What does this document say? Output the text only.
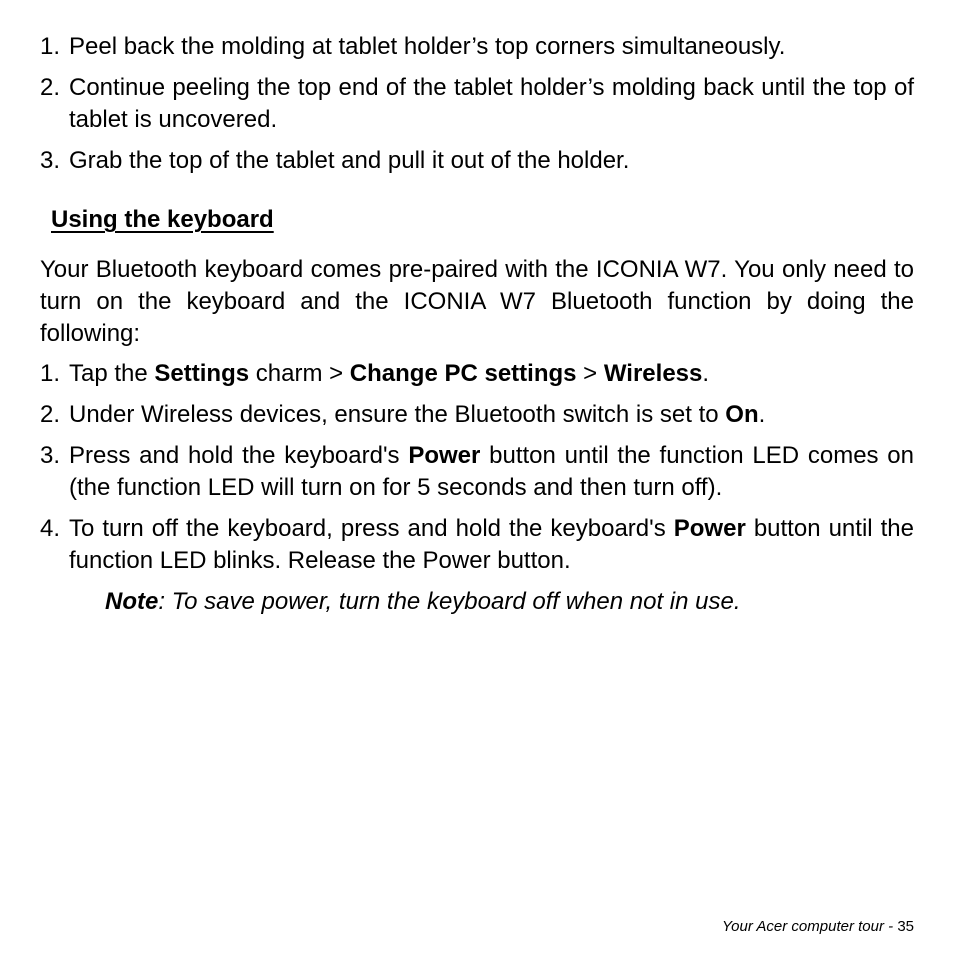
1. Peel back the molding at tablet holder’s top corners simultaneously.
2. Continue peeling the top end of the tablet holder’s molding back until the top of tablet is uncovered.
3. Grab the top of the tablet and pull it out of the holder.
Using the keyboard

Your Bluetooth keyboard comes pre-paired with the ICONIA W7. You only need to turn on the keyboard and the ICONIA W7 Bluetooth function by doing the following:

1. Tap the Settings charm > Change PC settings > Wireless.
2. Under Wireless devices, ensure the Bluetooth switch is set to On.
3. Press and hold the keyboard's Power button until the function LED comes on (the function LED will turn on for 5 seconds and then turn off).
4. To turn off the keyboard, press and hold the keyboard's Power button until the function LED blinks. Release the Power button.

Note: To save power, turn the keyboard off when not in use.

Your Acer computer tour - 35
